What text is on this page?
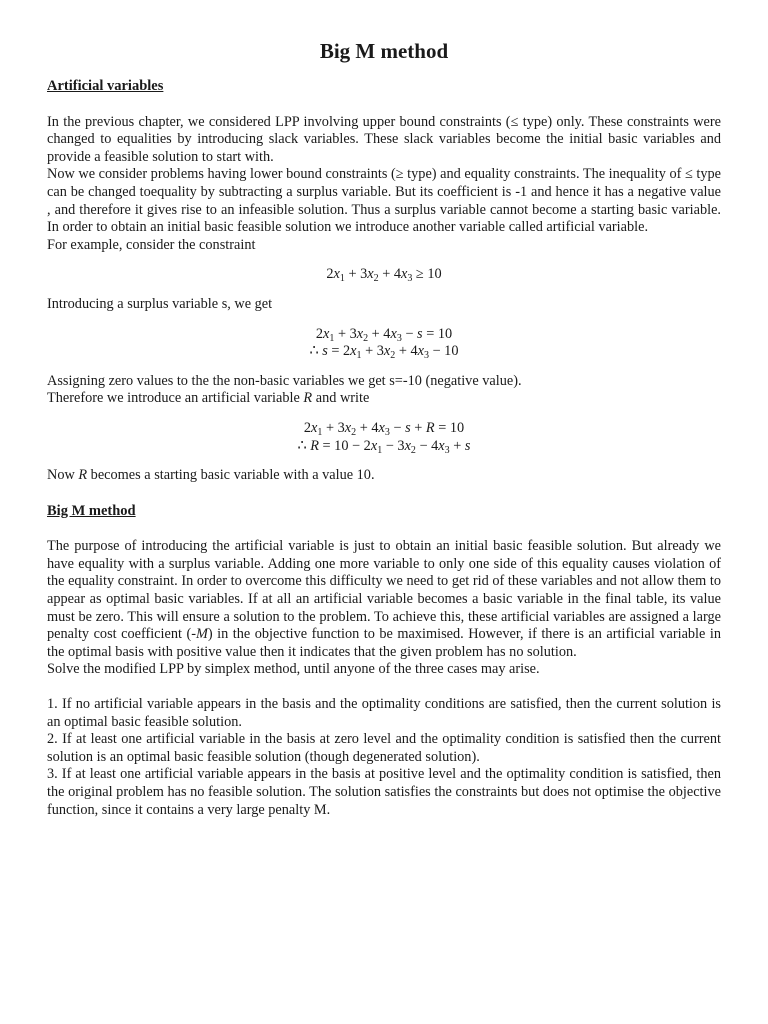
Big M method
Artificial variables

In the previous chapter, we considered LPP involving upper bound constraints (≤ type) only. These constraints were changed to equalities by introducing slack variables. These slack variables become the initial basic variables and provide a feasible solution to start with.

Now we consider problems having lower bound constraints (≥ type) and equality constraints. The inequality of ≤ type can be changed toequality by subtracting a surplus variable. But its coefficient is -1 and hence it has a negative value , and therefore it gives rise to an infeasible solution. Thus a surplus variable cannot become a starting basic variable. In order to obtain an initial basic feasible solution we introduce another variable called artificial variable.

For example, consider the constraint

$2x_1 + 3x_2 + 4x_3 \ge 10$

Introducing a surplus variable s, we get

$2x_1 + 3x_2 + 4x_3 - s = 10$
∴ $s = 2x_1 + 3x_2 + 4x_3 - 10$

Assigning zero values to the the non-basic variables we get s=-10 (negative value).

Therefore we introduce an artificial variable R and write

$2x_1 + 3x_2 + 4x_3 - s + R = 10$
∴ $R = 10 - 2x_1 - 3x_2 - 4x_3 + s$

Now R becomes a starting basic variable with a value 10.

Big M method

The purpose of introducing the artificial variable is just to obtain an initial basic feasible solution. But already we have equality with a surplus variable. Adding one more variable to only one side of this equality causes violation of the equality constraint. In order to overcome this difficulty we need to get rid of these variables and not allow them to appear as optimal basic variables. If at all an artificial variable becomes a basic variable in the final table, its value must be zero. This will ensure a solution to the problem. To achieve this, these artificial variables are assigned a large penalty cost coefficient (-M) in the objective function to be maximised. However, if there is an artificial variable in the optimal basis with positive value then it indicates that the given problem has no solution.

Solve the modified LPP by simplex method, until anyone of the three cases may arise.

1. If no artificial variable appears in the basis and the optimality conditions are satisfied, then the current solution is an optimal basic feasible solution.

2. If at least one artificial variable in the basis at zero level and the optimality condition is satisfied then the current solution is an optimal basic feasible solution (though degenerated solution).

3. If at least one artificial variable appears in the basis at positive level and the optimality condition is satisfied, then the original problem has no feasible solution. The solution satisfies the constraints but does not optimise the objective function, since it contains a very large penalty M.
